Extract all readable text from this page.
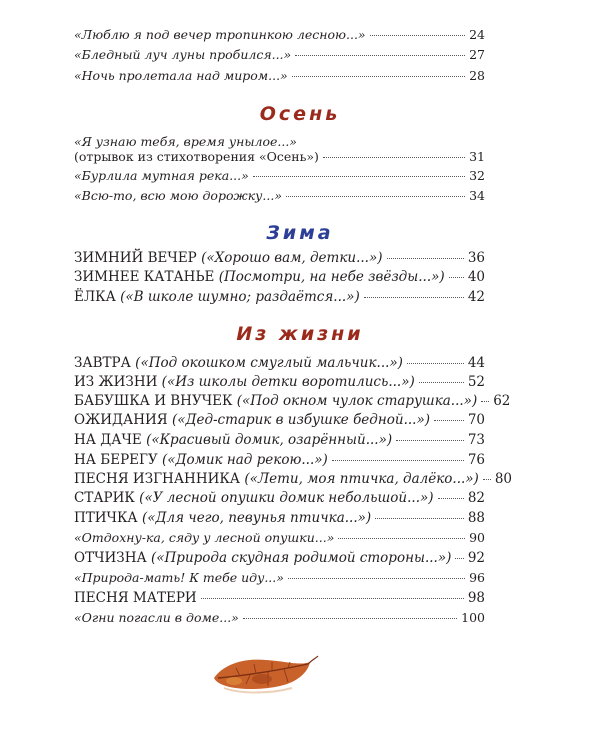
«Люблю я под вечер тропинкою лесною...»	24
«Бледный луч луны пробился...»	27
«Ночь пролетала над миром...»	28
Осень
«Я узнаю тебя, время унылое...»
(отрывок из стихотворения «Осень»)	31
«Бурлила мутная река...»	32
«Всю-то, всю мою дорожку...»	34
Зима
ЗИМНИЙ ВЕЧЕР («Хорошо вам, детки...»)	36
ЗИМНЕЕ КАТАНЬЕ (Посмотри, на небе звёзды...») 40
ЁЛКА («В школе шумно; раздаётся...»)	42
Из жизни
ЗАВТРА («Под окошком смуглый мальчик...»)	44
ИЗ ЖИЗНИ («Из школы детки воротились...»)	52
БАБУШКА И ВНУЧЕК («Под окном чулок старушка...») 62
ОЖИДАНИЯ («Дед-старик в избушке бедной...»)	70
НА ДАЧЕ («Красивый домик, озарённый...»)	73
НА БЕРЕГУ («Домик над рекою...»)	76
ПЕСНЯ ИЗГНАННИКА («Лети, моя птичка, далёко...») 80
СТАРИК («У лесной опушки домик небольшой...»)	82
ПТИЧКА («Для чего, певунья птичка...»)	88
«Отдохну-ка, сяду у лесной опушки...»	90
ОТЧИЗНА («Природа скудная родимой стороны...») 92
«Природа-мать! К тебе иду...»	96
ПЕСНЯ МАТЕРИ	98
«Огни погасли в доме...»	100
